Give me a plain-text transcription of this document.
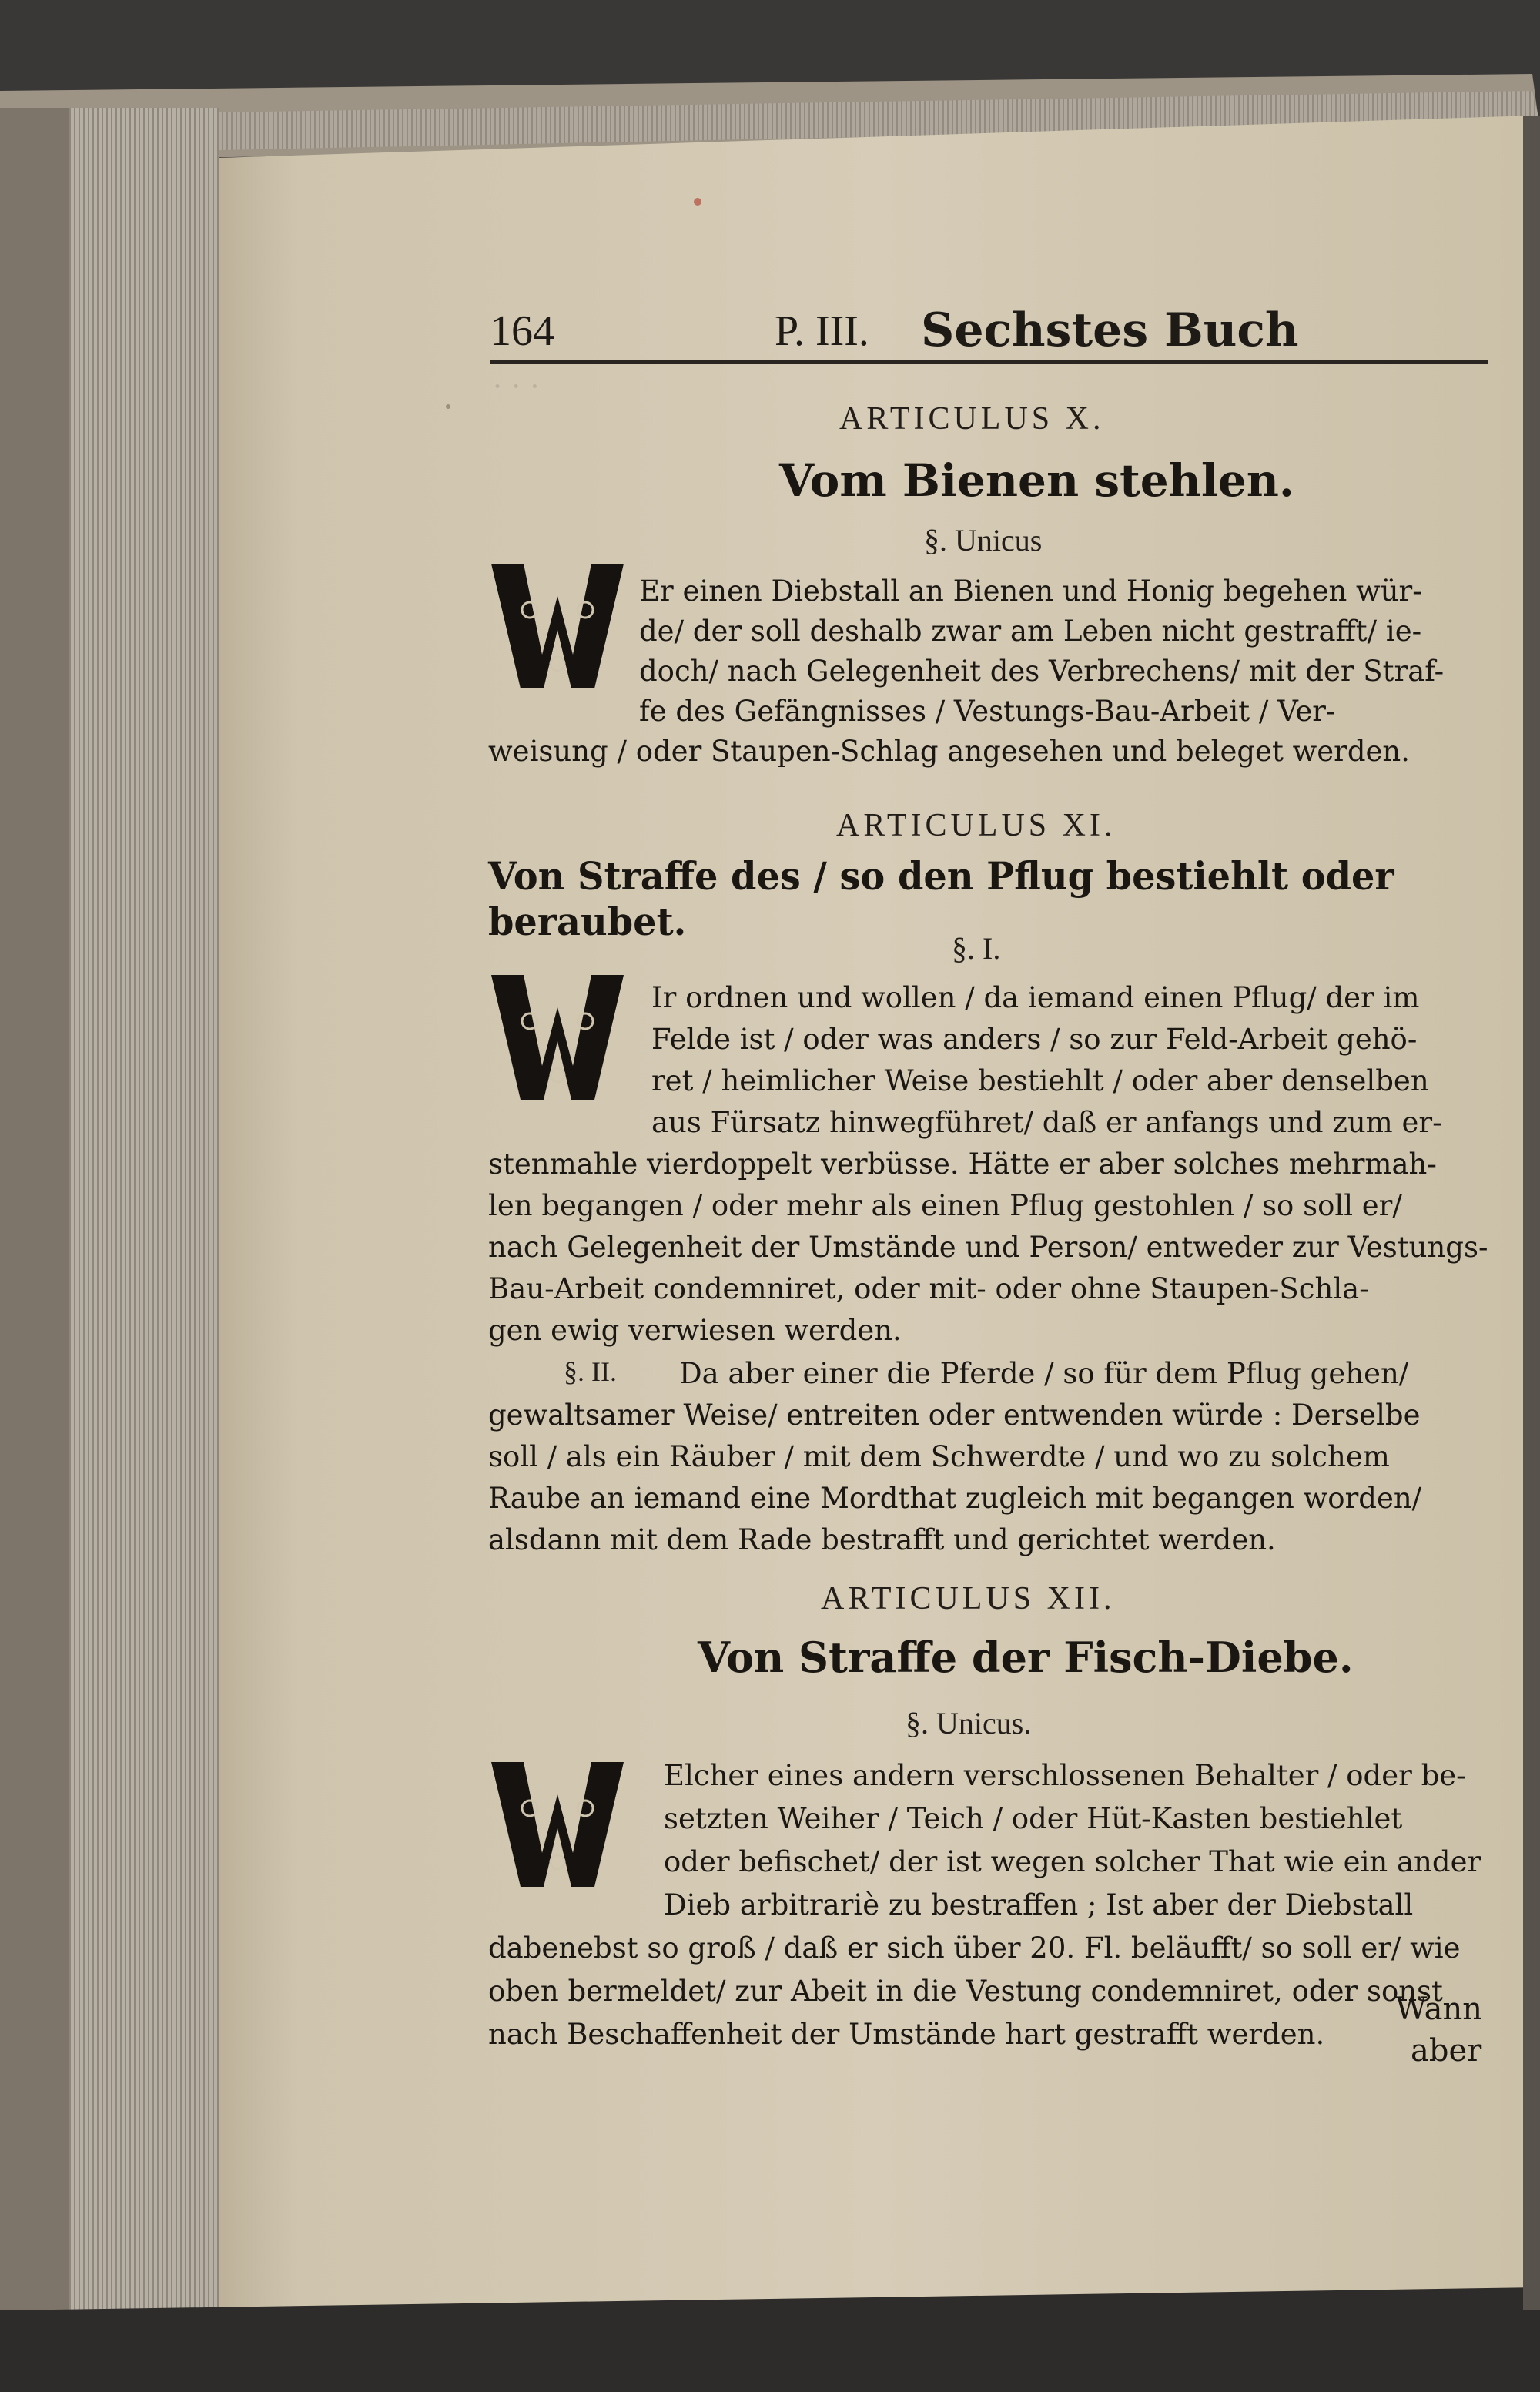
· · ·
164	P. III. Sechstes Buch
ARTICULUS X.
Vom Bienen stehlen.
§. Unicus
Er einen Diebstall an Bienen und Honig begehen wür-
de/ der soll deshalb zwar am Leben nicht gestrafft/ ie-
doch/ nach Gelegenheit des Verbrechens/ mit der Straf-
fe des Gefängnisses / Vestungs-Bau-Arbeit / Ver-
weisung / oder Staupen-Schlag angesehen und beleget werden.
ARTICULUS XI.
Von Straffe des / so den Pflug bestiehlt oder beraubet.
§. I.
Ir ordnen und wollen / da iemand einen Pflug/ der im
Felde ist / oder was anders / so zur Feld-Arbeit gehö-
ret / heimlicher Weise bestiehlt / oder aber denselben
aus Fürsatz hinwegführet/ daß er anfangs und zum er-
stenmahle vierdoppelt verbüsse. Hätte er aber solches mehrmah-
len begangen / oder mehr als einen Pflug gestohlen / so soll er/
nach Gelegenheit der Umstände und Person/ entweder zur Vestungs-
Bau-Arbeit condemniret, oder mit- oder ohne Staupen-Schla-
gen ewig verwiesen werden.
§. II. Da aber einer die Pferde / so für dem Pflug gehen/
gewaltsamer Weise/ entreiten oder entwenden würde : Derselbe
soll / als ein Räuber / mit dem Schwerdte / und wo zu solchem
Raube an iemand eine Mordthat zugleich mit begangen worden/
alsdann mit dem Rade bestrafft und gerichtet werden.
ARTICULUS XII.
Von Straffe der Fisch-Diebe.
§. Unicus.
Elcher eines andern verschlossenen Behalter / oder be-
setzten Weiher / Teich / oder Hüt-Kasten bestiehlet
oder befischet/ der ist wegen solcher That wie ein ander
Dieb arbitrariè zu bestraffen ; Ist aber der Diebstall
dabenebst so groß / daß er sich über 20. Fl. beläufft/ so soll er/ wie
oben bermeldet/ zur Abeit in die Vestung condemniret, oder sonst
nach Beschaffenheit der Umstände hart gestrafft werden.
Wann
aber
